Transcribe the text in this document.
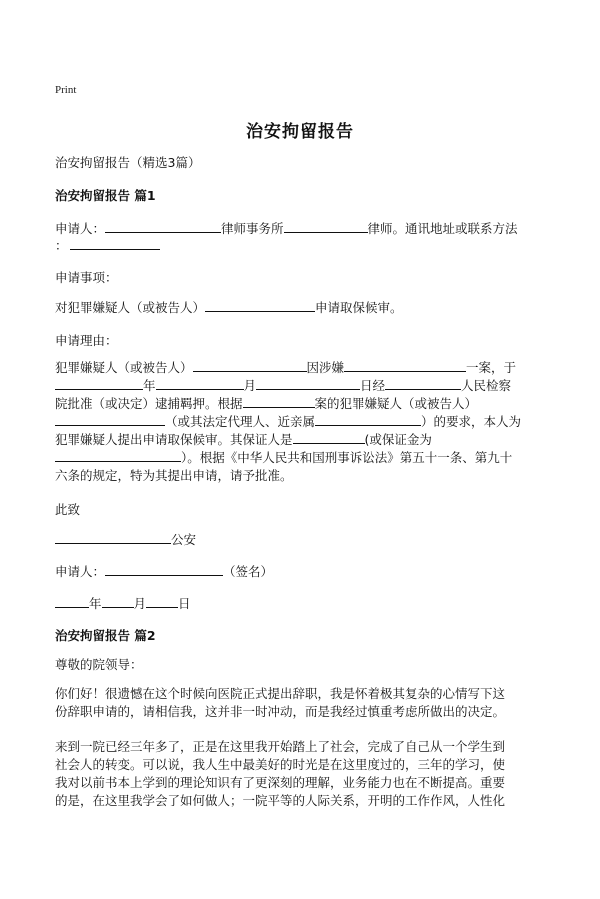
Print
治安拘留报告
治安拘留报告（精选3篇）
治安拘留报告 篇1
申请人：	律师事务所	律师。通讯地址或联系方法
：
申请事项：
对犯罪嫌疑人（或被告人）	申请取保候审。
申请理由：
犯罪嫌疑人（或被告人）	因涉嫌	一案，于
年	月	日经	人民检察
院批准（或决定）逮捕羁押。根据	案的犯罪嫌疑人（或被告人）
（或其法定代理人、近亲属	）的要求，本人为
犯罪嫌疑人提出申请取保候审。其保证人是	(或保证金为
）。根据《中华人民共和国刑事诉讼法》第五十一条、第九十
六条的规定，特为其提出申请，请予批准。
此致
公安
申请人：	（签名）
年	月	日
治安拘留报告 篇2
尊敬的院领导：
你们好！很遗憾在这个时候向医院正式提出辞职，我是怀着极其复杂的心情写下这
份辞职申请的，请相信我，这并非一时冲动，而是我经过慎重考虑所做出的决定。
来到一院已经三年多了，正是在这里我开始踏上了社会，完成了自己从一个学生到
社会人的转变。可以说，我人生中最美好的时光是在这里度过的，三年的学习，使
我对以前书本上学到的理论知识有了更深刻的理解，业务能力也在不断提高。重要
的是，在这里我学会了如何做人；一院平等的人际关系，开明的工作作风，人性化
